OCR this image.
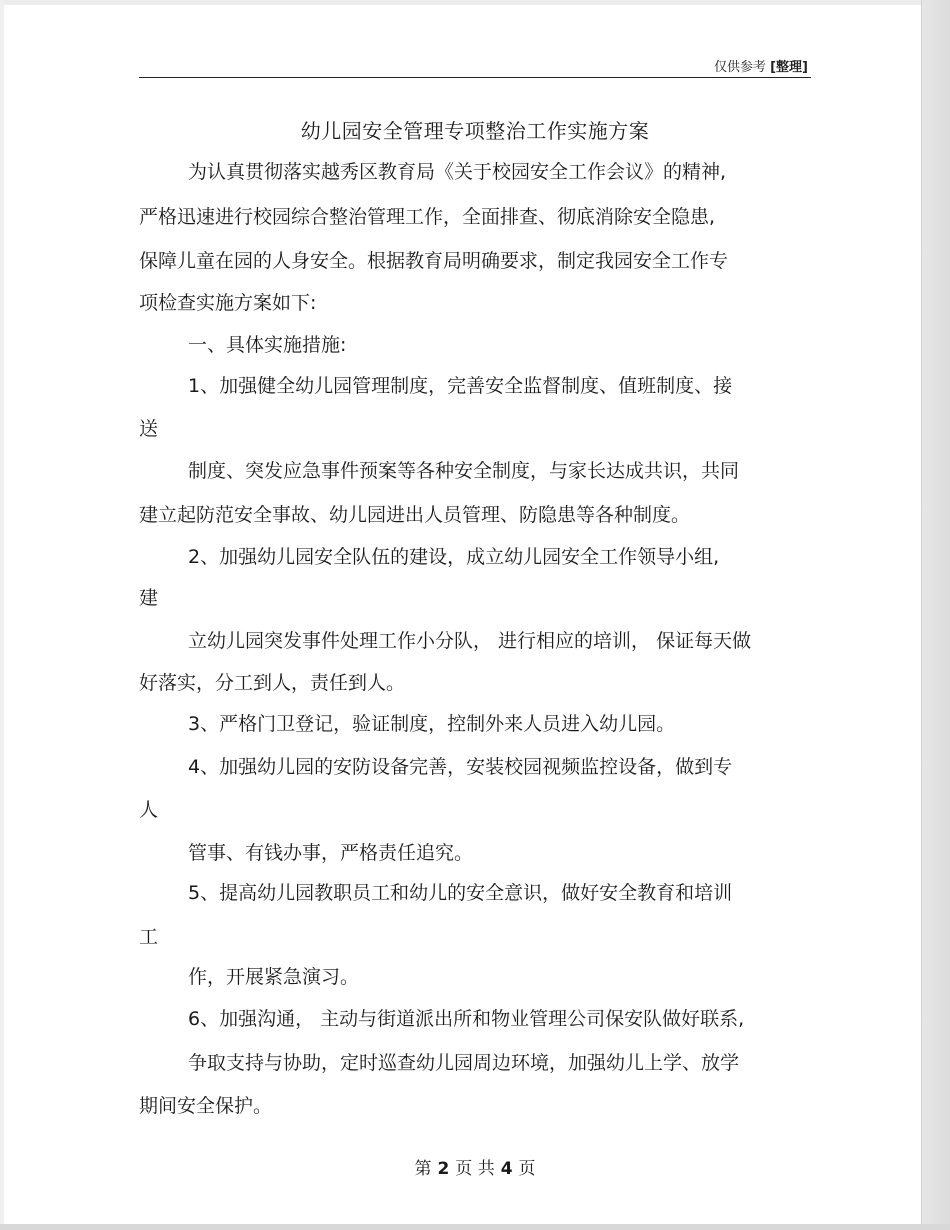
仅供参考 [整理]
幼儿园安全管理专项整治工作实施方案
为认真贯彻落实越秀区教育局《关于校园安全工作会议》的精神,
严格迅速进行校园综合整治管理工作，全面排查、彻底消除安全隐患,
保障儿童在园的人身安全。根据教育局明确要求，制定我园安全工作专
项检查实施方案如下:
一、具体实施措施:
1、加强健全幼儿园管理制度，完善安全监督制度、值班制度、接
送
制度、突发应急事件预案等各种安全制度，与家长达成共识，共同
建立起防范安全事故、幼儿园进出人员管理、防隐患等各种制度。
2、加强幼儿园安全队伍的建设，成立幼儿园安全工作领导小组,
建
立幼儿园突发事件处理工作小分队， 进行相应的培训， 保证每天做
好落实，分工到人，责任到人。
3、严格门卫登记，验证制度，控制外来人员进入幼儿园。
4、加强幼儿园的安防设备完善，安装校园视频监控设备，做到专
人
管事、有钱办事，严格责任追究。
5、提高幼儿园教职员工和幼儿的安全意识，做好安全教育和培训
工
作，开展紧急演习。
6、加强沟通， 主动与街道派出所和物业管理公司保安队做好联系,
争取支持与协助，定时巡查幼儿园周边环境，加强幼儿上学、放学
期间安全保护。
第 2 页 共 4 页
